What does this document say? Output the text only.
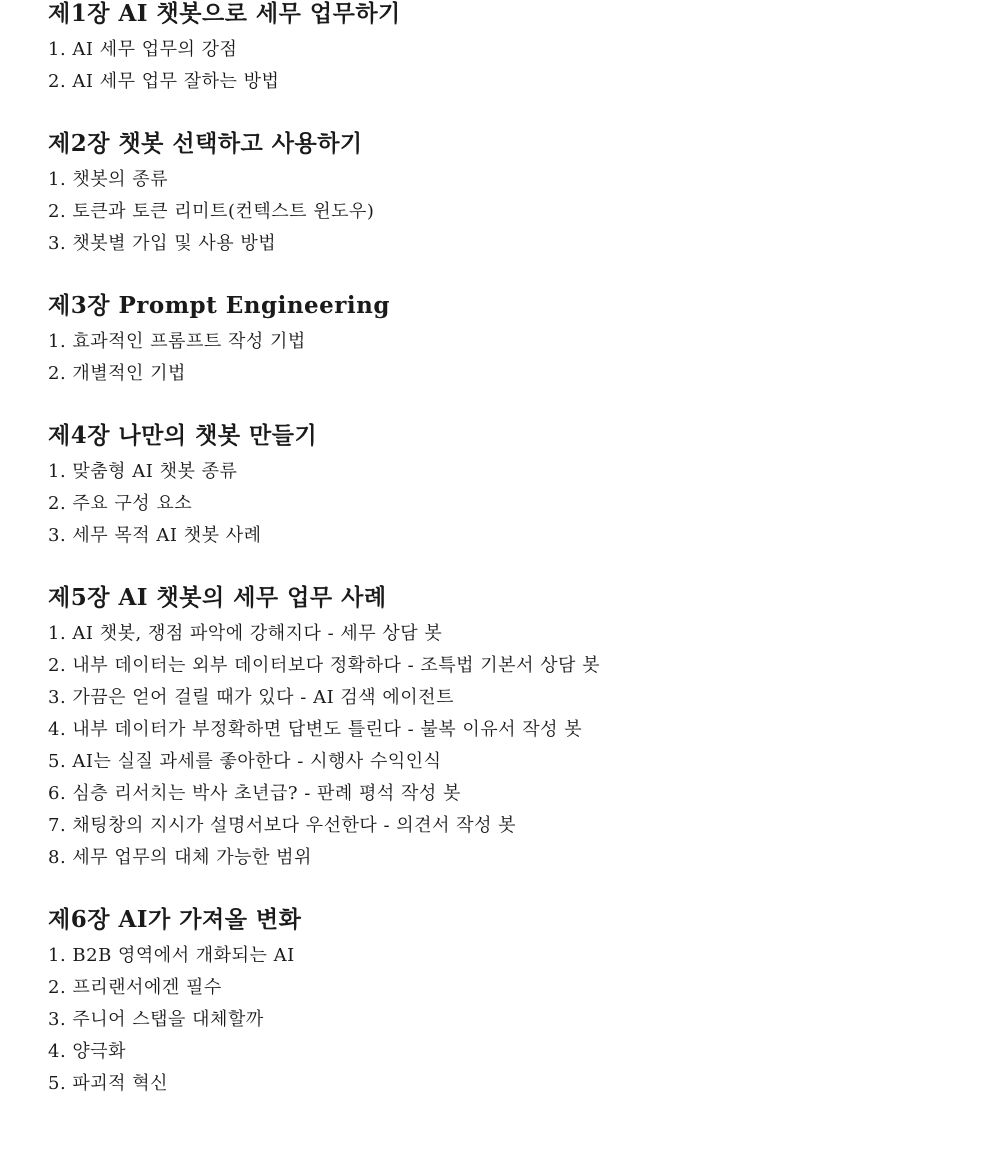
제1장 AI 챗봇으로 세무 업무하기
1. AI 세무 업무의 강점
2. AI 세무 업무 잘하는 방법
제2장 챗봇 선택하고 사용하기
1. 챗봇의 종류
2. 토큰과 토큰 리미트(컨텍스트 윈도우)
3. 챗봇별 가입 및 사용 방법
제3장 Prompt Engineering
1. 효과적인 프롬프트 작성 기법
2. 개별적인 기법
제4장 나만의 챗봇 만들기
1. 맞춤형 AI 챗봇 종류
2. 주요 구성 요소
3. 세무 목적 AI 챗봇 사례
제5장 AI 챗봇의 세무 업무 사례
1. AI 챗봇, 쟁점 파악에 강해지다 - 세무 상담 봇
2. 내부 데이터는 외부 데이터보다 정확하다 - 조특법 기본서 상담 봇
3. 가끔은 얻어 걸릴 때가 있다 - AI 검색 에이전트
4. 내부 데이터가 부정확하면 답변도 틀린다 - 불복 이유서 작성 봇
5. AI는 실질 과세를 좋아한다 - 시행사 수익인식
6. 심층 리서치는 박사 초년급? - 판례 평석 작성 봇
7. 채팅창의 지시가 설명서보다 우선한다 - 의견서 작성 봇
8. 세무 업무의 대체 가능한 범위
제6장 AI가 가져올 변화
1. B2B 영역에서 개화되는 AI
2. 프리랜서에겐 필수
3. 주니어 스탭을 대체할까
4. 양극화
5. 파괴적 혁신
